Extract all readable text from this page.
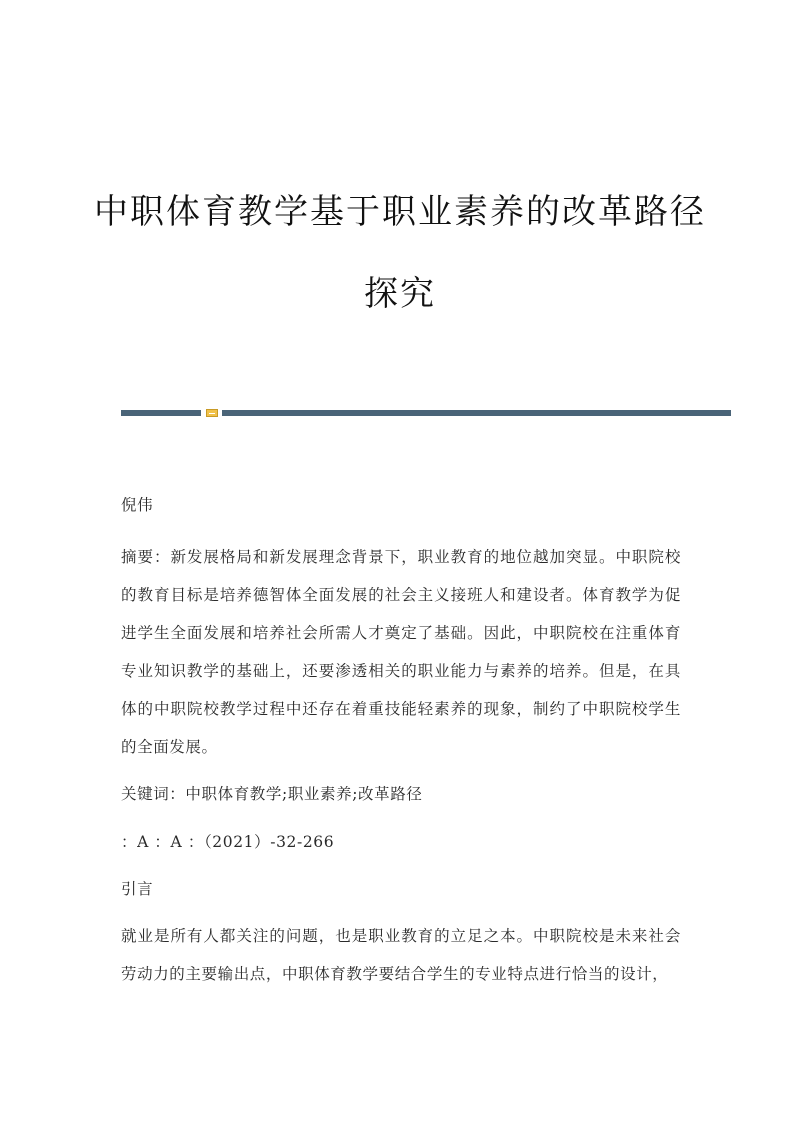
中职体育教学基于职业素养的改革路径
探究

倪伟

摘要：新发展格局和新发展理念背景下，职业教育的地位越加突显。中职院校的教育目标是培养德智体全面发展的社会主义接班人和建设者。体育教学为促进学生全面发展和培养社会所需人才奠定了基础。因此，中职院校在注重体育专业知识教学的基础上，还要渗透相关的职业能力与素养的培养。但是，在具体的中职院校教学过程中还存在着重技能轻素养的现象，制约了中职院校学生的全面发展。

关键词：中职体育教学;职业素养;改革路径

：A ：A ：（2021）-32-266

引言

就业是所有人都关注的问题，也是职业教育的立足之本。中职院校是未来社会劳动力的主要输出点，中职体育教学要结合学生的专业特点进行恰当的设计，
